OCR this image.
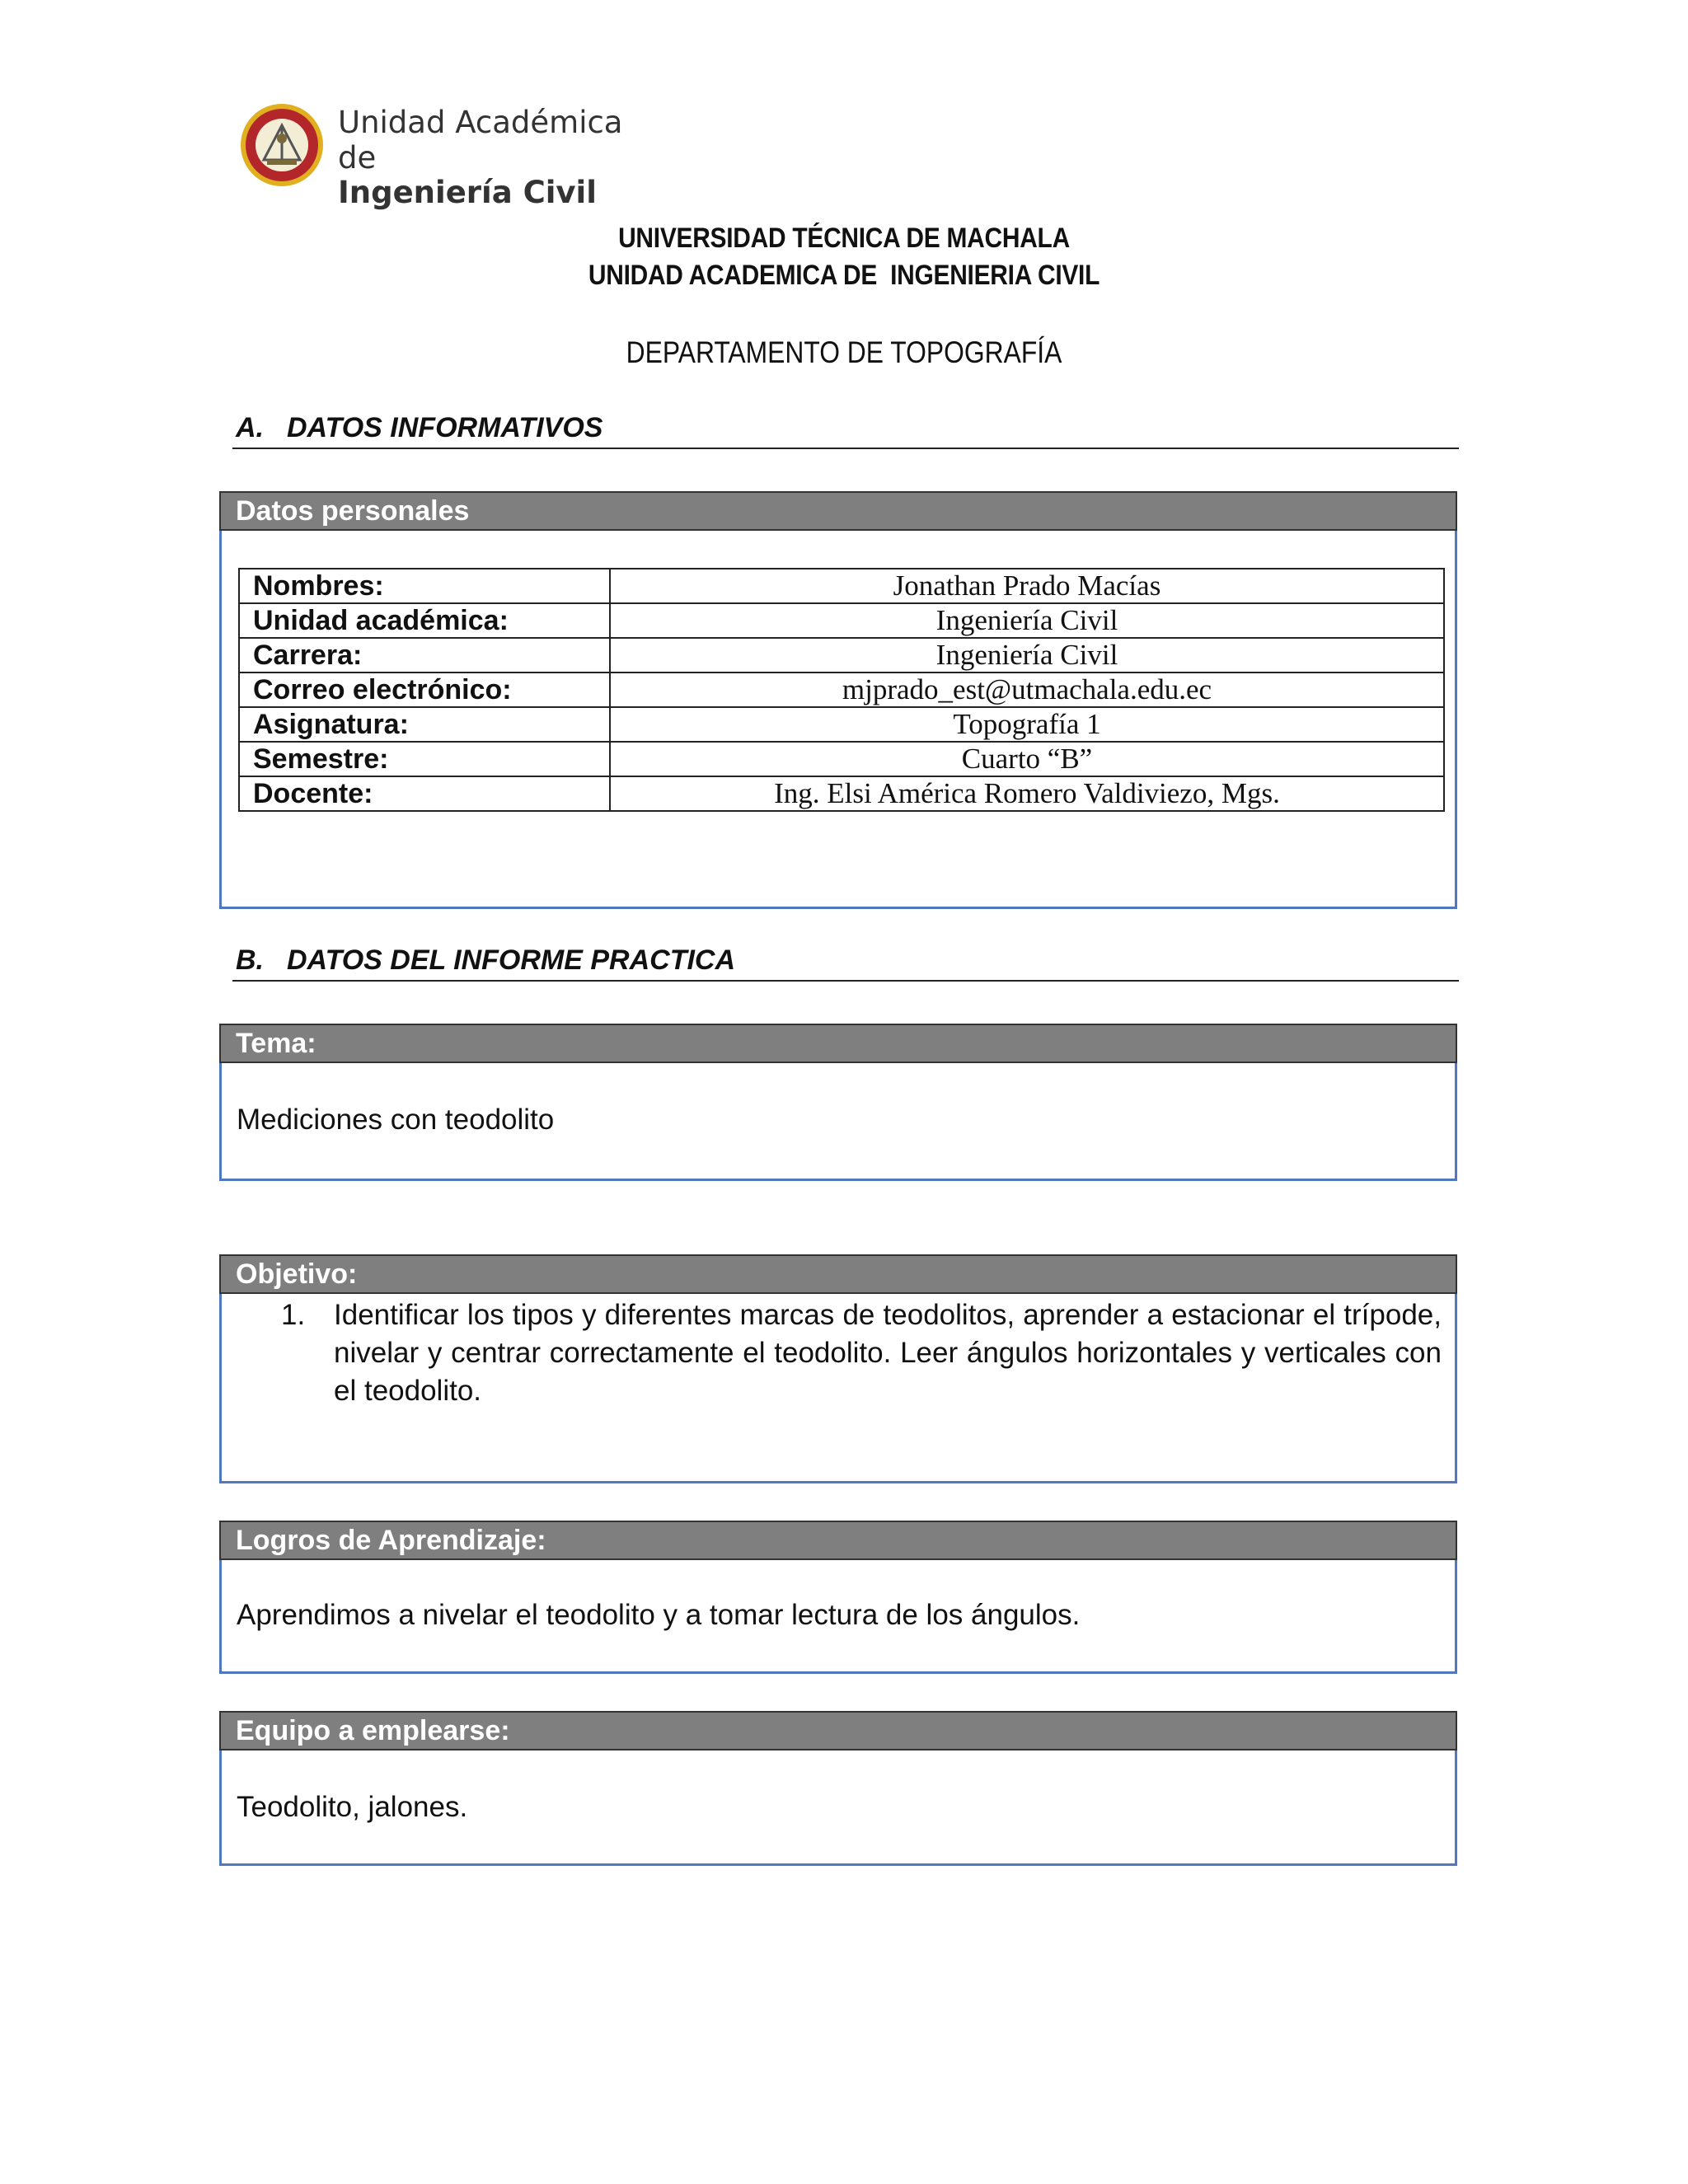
Unidad Académica de
Ingeniería Civil
UNIVERSIDAD TÉCNICA DE MACHALA
UNIDAD ACADEMICA DE  INGENIERIA CIVIL
DEPARTAMENTO DE TOPOGRAFÍA
A. DATOS INFORMATIVOS
Datos personales
Nombres:	Jonathan Prado Macías
Unidad académica:	Ingeniería Civil
Carrera:	Ingeniería Civil
Correo electrónico:	mjprado_est@utmachala.edu.ec
Asignatura:	Topografía 1
Semestre:	Cuarto “B”
Docente:	Ing. Elsi América Romero Valdiviezo, Mgs.
B. DATOS DEL INFORME PRACTICA
Tema:
Mediciones con teodolito
Objetivo:
1. Identificar los tipos y diferentes marcas de teodolitos, aprender a estacionar el trípode, nivelar y centrar correctamente el teodolito. Leer ángulos horizontales y verticales con el teodolito.
Logros de Aprendizaje:
Aprendimos a nivelar el teodolito y a tomar lectura de los ángulos.
Equipo a emplearse:
Teodolito, jalones.
